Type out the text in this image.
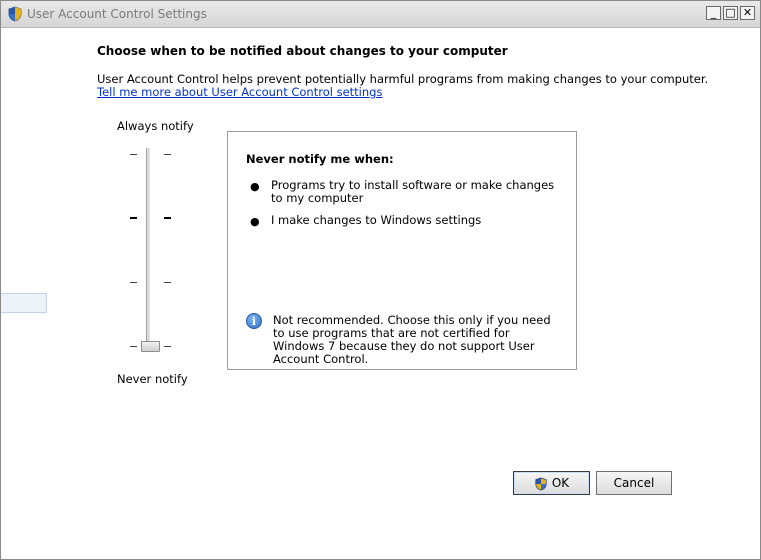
User Account Control Settings	_ □ ✕
Choose when to be notified about changes to your computer
User Account Control helps prevent potentially harmful programs from making changes to your computer.
Tell me more about User Account Control settings
Always notify
Never notify
Never notify me when:
● Programs try to install software or make changes to my computer
● I make changes to Windows settings
i	Not recommended. Choose this only if you need to use programs that are not certified for Windows 7 because they do not support User Account Control.
OK	Cancel
